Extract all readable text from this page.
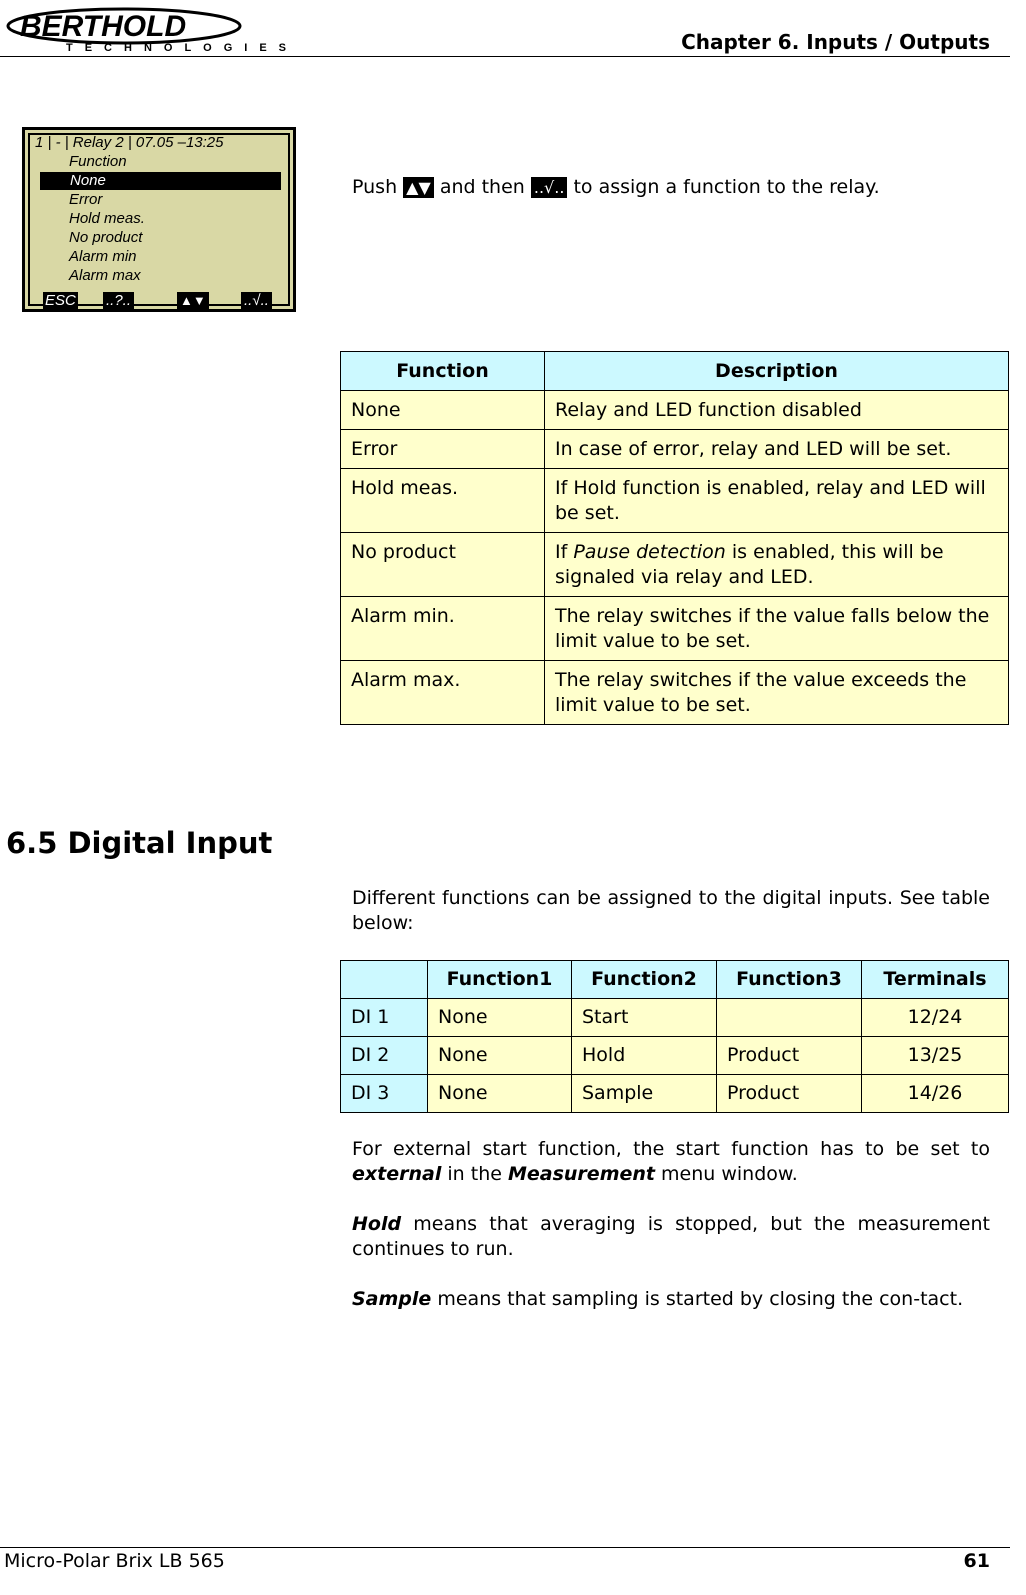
BERTHOLD
TECHNOLOGIES	Chapter 6. Inputs / Outputs
1 | - | Relay 2 | 07.05 –13:25
Function
None
Error
Hold meas.
No product
Alarm min
Alarm max
ESC ..?..	▲▼	..√..
Push ▲▼ and then ..√.. to assign a function to the relay.
Function	Description
None	Relay and LED function disabled
Error	In case of error, relay and LED will be set.
Hold meas.	If Hold function is enabled, relay and LED will be set.
No product	If Pause detection is enabled, this will be signaled via relay and LED.
Alarm min.	The relay switches if the value falls below the limit value to be set.
Alarm max.	The relay switches if the value exceeds the limit value to be set.
6.5 Digital Input
Different functions can be assigned to the digital inputs. See table below:
	Function1	Function2	Function3	Terminals
DI 1	None	Start		12/24
DI 2	None	Hold	Product	13/25
DI 3	None	Sample	Product	14/26
For external start function, the start function has to be set to external in the Measurement menu window.
Hold means that averaging is stopped, but the measurement continues to run.
Sample means that sampling is started by closing the con-tact.
Micro-Polar Brix LB 565	61
